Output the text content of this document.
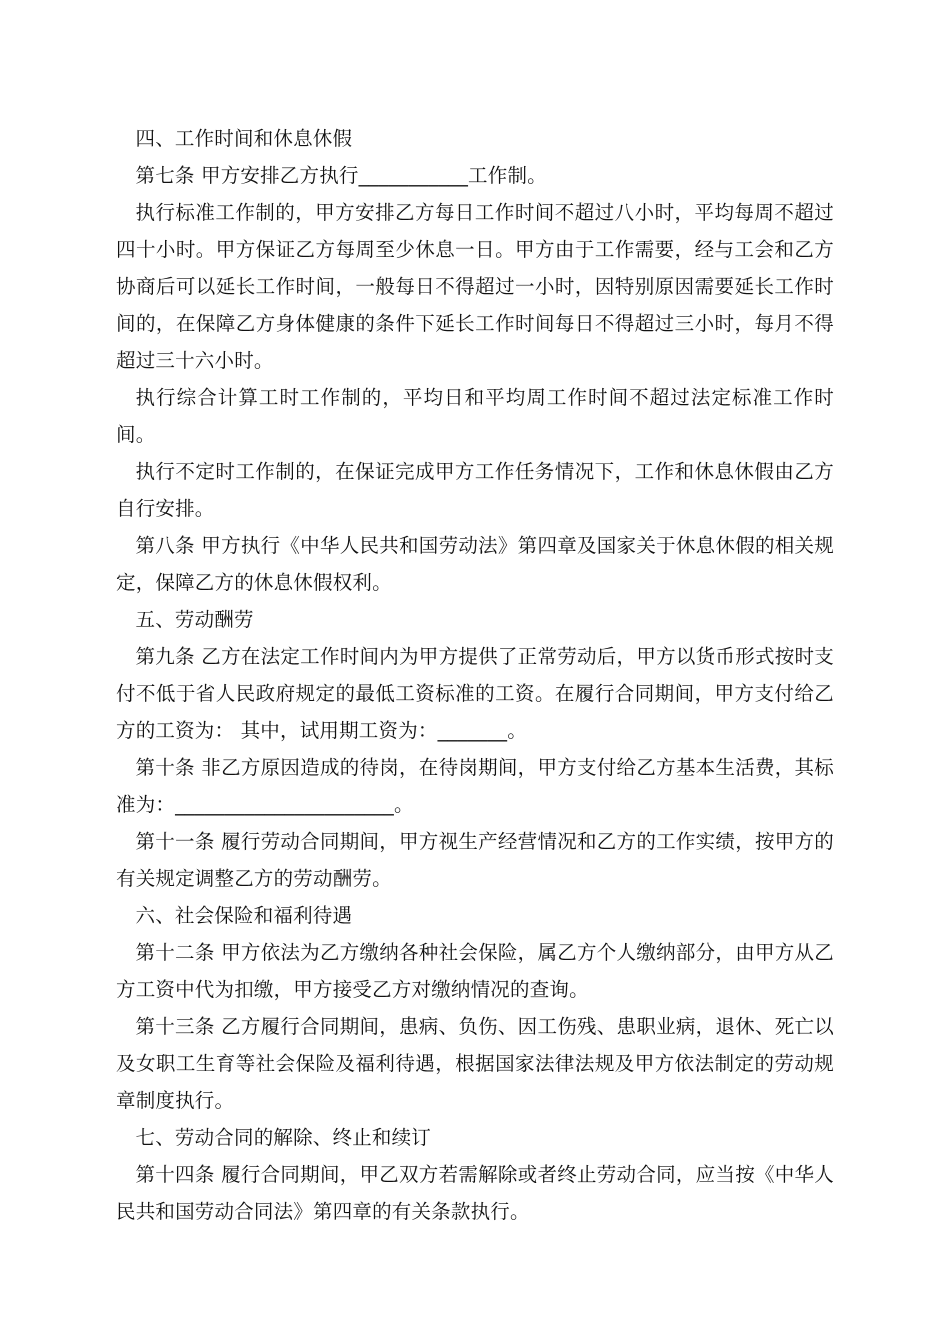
四、工作时间和休息休假

第七条 甲方安排乙方执行___________工作制。

执行标准工作制的，甲方安排乙方每日工作时间不超过八小时，平均每周不超过四十小时。甲方保证乙方每周至少休息一日。甲方由于工作需要，经与工会和乙方协商后可以延长工作时间，一般每日不得超过一小时，因特别原因需要延长工作时间的，在保障乙方身体健康的条件下延长工作时间每日不得超过三小时，每月不得超过三十六小时。

执行综合计算工时工作制的，平均日和平均周工作时间不超过法定标准工作时间。

执行不定时工作制的，在保证完成甲方工作任务情况下，工作和休息休假由乙方自行安排。

第八条 甲方执行《中华人民共和国劳动法》第四章及国家关于休息休假的相关规定，保障乙方的休息休假权利。

五、劳动酬劳

第九条 乙方在法定工作时间内为甲方提供了正常劳动后，甲方以货币形式按时支付不低于省人民政府规定的最低工资标准的工资。在履行合同期间，甲方支付给乙方的工资为： 其中，试用期工资为：_______。

第十条 非乙方原因造成的待岗，在待岗期间，甲方支付给乙方基本生活费，其标准为：______________________。

第十一条 履行劳动合同期间，甲方视生产经营情况和乙方的工作实绩，按甲方的有关规定调整乙方的劳动酬劳。

六、社会保险和福利待遇

第十二条 甲方依法为乙方缴纳各种社会保险，属乙方个人缴纳部分，由甲方从乙方工资中代为扣缴，甲方接受乙方对缴纳情况的查询。

第十三条 乙方履行合同期间，患病、负伤、因工伤残、患职业病，退休、死亡以及女职工生育等社会保险及福利待遇，根据国家法律法规及甲方依法制定的劳动规章制度执行。

七、劳动合同的解除、终止和续订

第十四条 履行合同期间，甲乙双方若需解除或者终止劳动合同，应当按《中华人民共和国劳动合同法》第四章的有关条款执行。
